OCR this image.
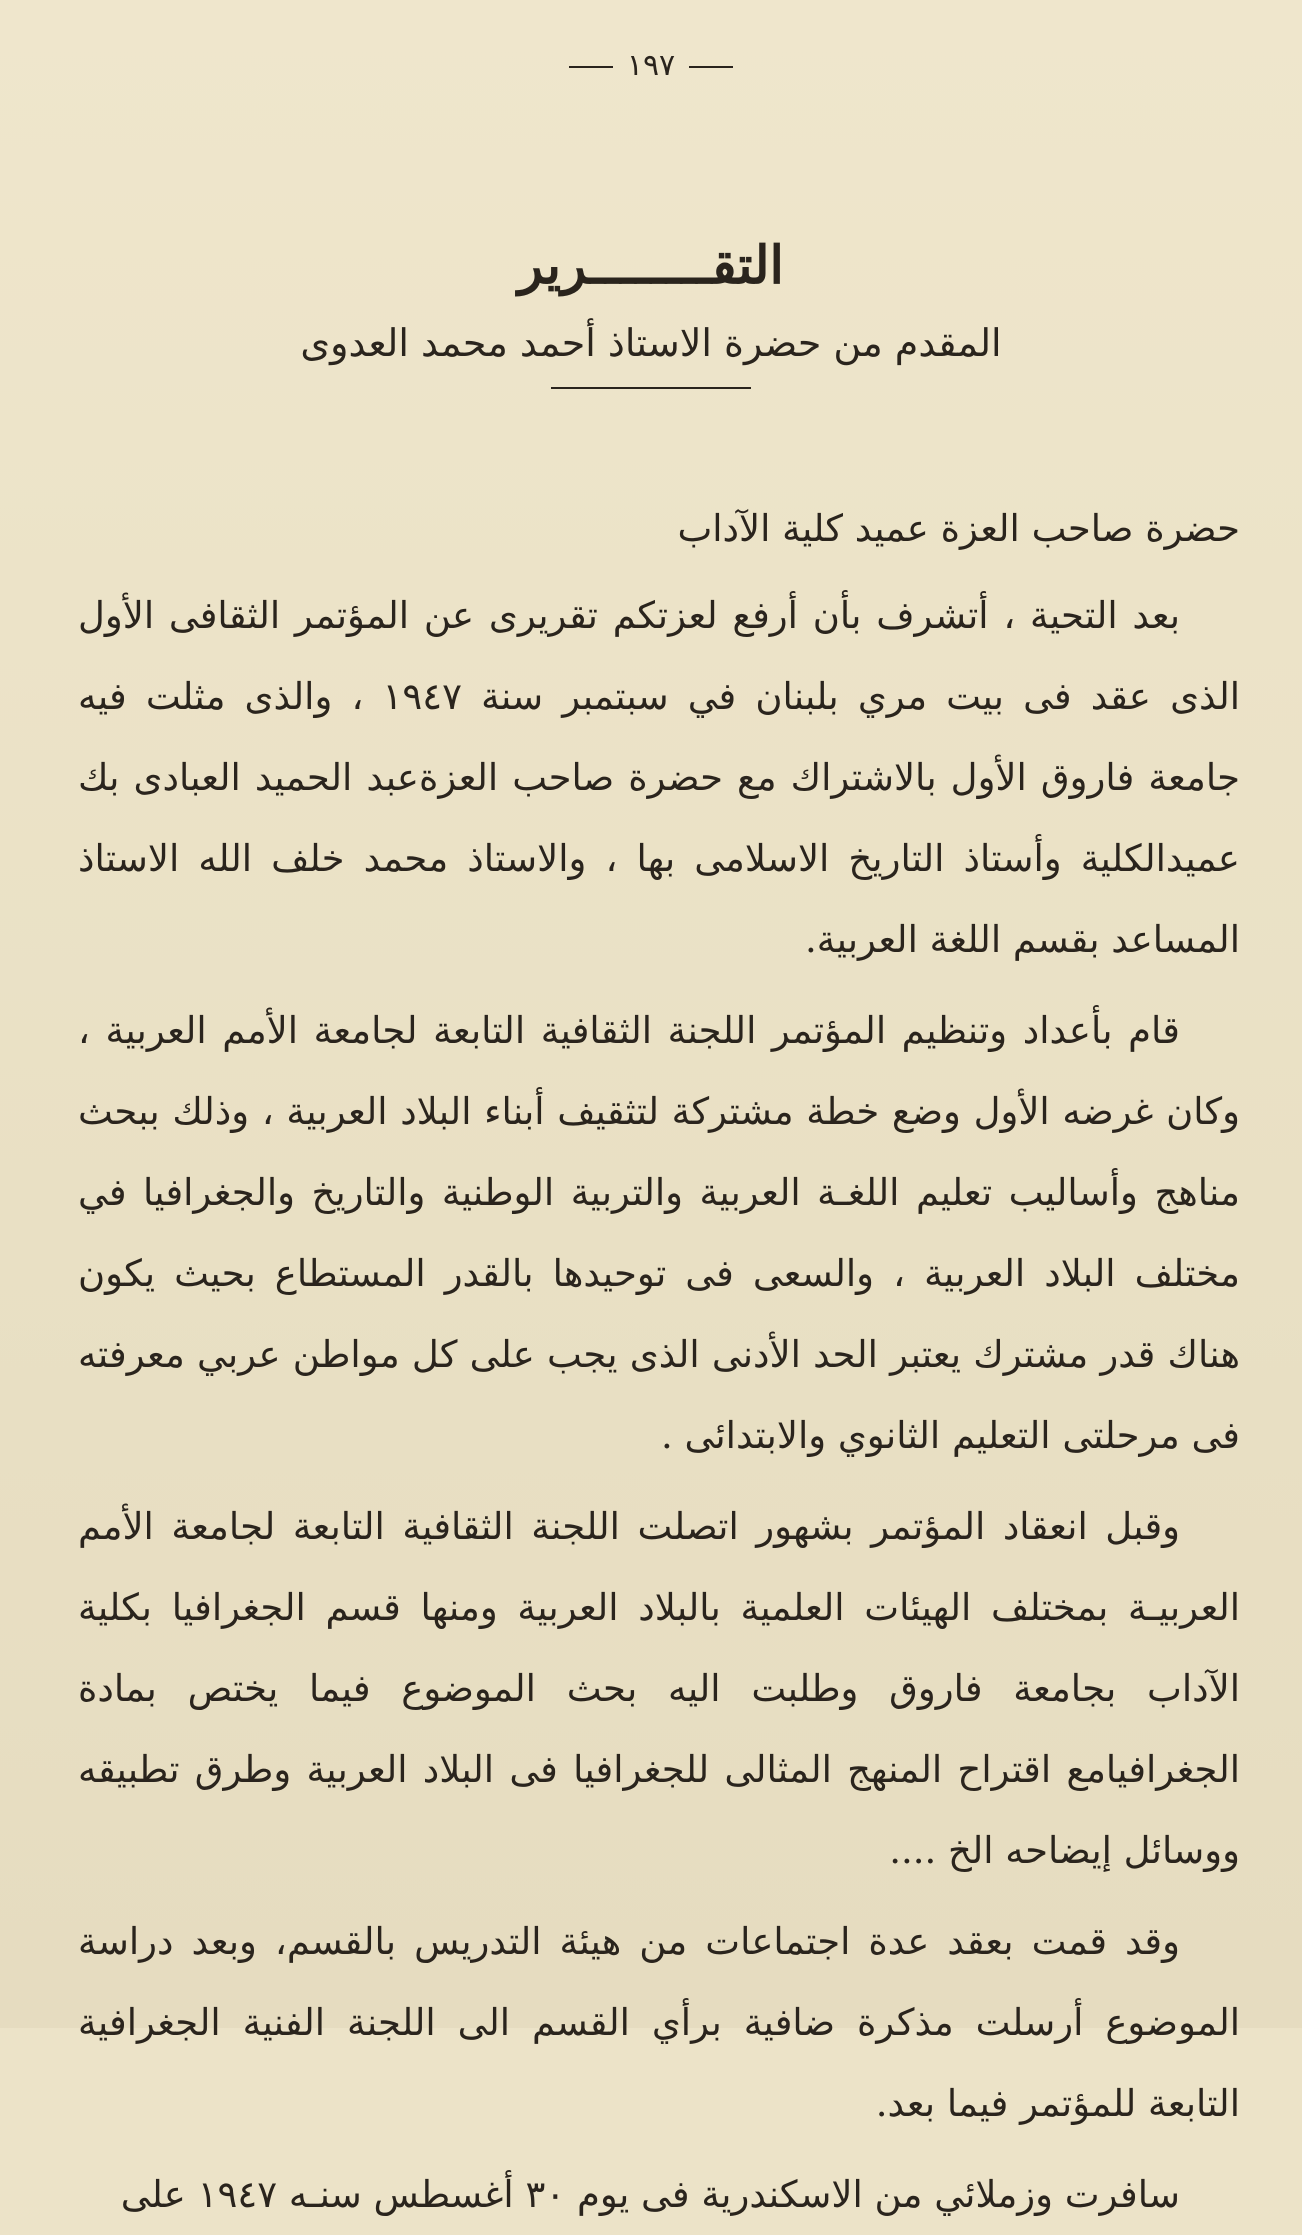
١٩٧
التقــــــــرير
المقدم من حضرة الاستاذ أحمد محمد العدوى

حضرة صاحب العزة عميد كلية الآداب

بعد التحية ، أتشرف بأن أرفع لعزتكم تقريرى عن المؤتمر الثقافى الأول الذى عقد فى بيت مري بلبنان في سبتمبر سنة ١٩٤٧ ، والذى مثلت فيه جامعة فاروق الأول بالاشتراك مع حضرة صاحب العزةعبد الحميد العبادى بك عميدالكلية وأستاذ التاريخ الاسلامى بها ، والاستاذ محمد خلف الله الاستاذ المساعد بقسم اللغة العربية.

قام بأعداد وتنظيم المؤتمر اللجنة الثقافية التابعة لجامعة الأمم العربية ، وكان غرضه الأول وضع خطة مشتركة لتثقيف أبناء البلاد العربية ، وذلك ببحث مناهج وأساليب تعليم اللغـة العربية والتربية الوطنية والتاريخ والجغرافيا في مختلف البلاد العربية ، والسعى فى توحيدها بالقدر المستطاع بحيث يكون هناك قدر مشترك يعتبر الحد الأدنى الذى يجب على كل مواطن عربي معرفته فى مرحلتى التعليم الثانوي والابتدائى .

وقبل انعقاد المؤتمر بشهور اتصلت اللجنة الثقافية التابعة لجامعة الأمم العربيـة بمختلف الهيئات العلمية بالبلاد العربية ومنها قسم الجغرافيا بكلية الآداب بجامعة فاروق وطلبت اليه بحث الموضوع فيما يختص بمادة الجغرافيامع اقتراح المنهج المثالى للجغرافيا فى البلاد العربية وطرق تطبيقه ووسائل إيضاحه الخ ....

وقد قمت بعقد عدة اجتماعات من هيئة التدريس بالقسم، وبعد دراسة الموضوع أرسلت مذكرة ضافية برأي القسم الى اللجنة الفنية الجغرافية التابعة للمؤتمر فيما بعد.

سافرت وزملائي من الاسكندرية فى يوم ٣٠ أغسطس سنـه ١٩٤٧ على
